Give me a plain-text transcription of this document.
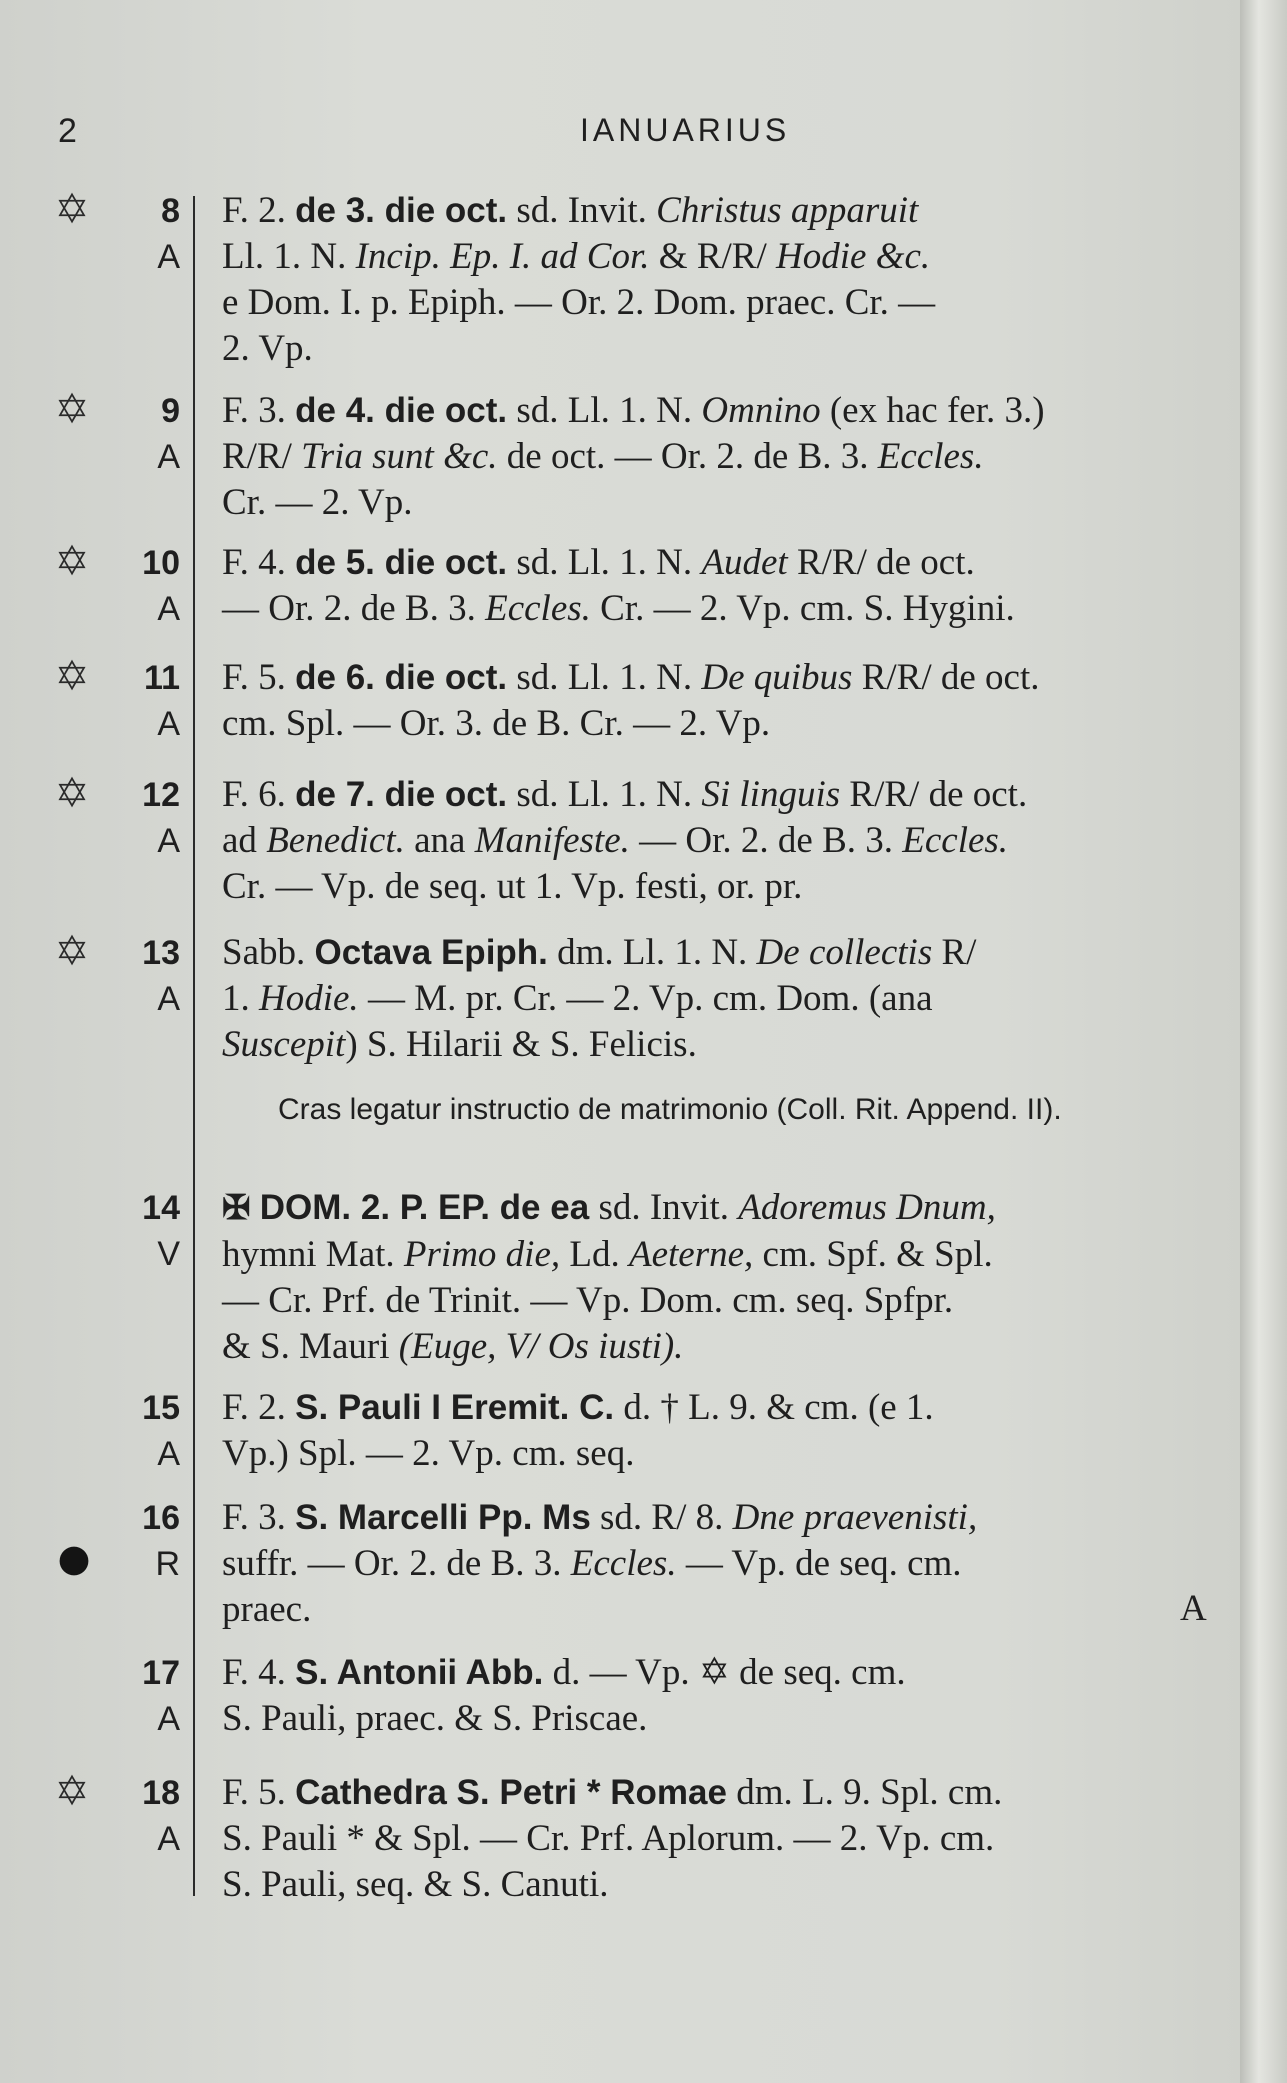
2	IANUARIUS
8
A
F. 2. de 3. die oct. sd. Invit. Christus apparuit
Ll. 1. N. Incip. Ep. I. ad Cor. & R/R/ Hodie &c.
e Dom. I. p. Epiph. — Or. 2. Dom. praec. Cr. —
2. Vp.
9
A
F. 3. de 4. die oct. sd. Ll. 1. N. Omnino (ex hac fer. 3.)
R/R/ Tria sunt &c. de oct. — Or. 2. de B. 3. Eccles.
Cr. — 2. Vp.
10
A
F. 4. de 5. die oct. sd. Ll. 1. N. Audet R/R/ de oct.
— Or. 2. de B. 3. Eccles. Cr. — 2. Vp. cm. S. Hygini.
11
A
F. 5. de 6. die oct. sd. Ll. 1. N. De quibus R/R/ de oct.
cm. Spl. — Or. 3. de B. Cr. — 2. Vp.
12
A
F. 6. de 7. die oct. sd. Ll. 1. N. Si linguis R/R/ de oct.
ad Benedict. ana Manifeste. — Or. 2. de B. 3. Eccles.
Cr. — Vp. de seq. ut 1. Vp. festi, or. pr.
13
A
Sabb. Octava Epiph. dm. Ll. 1. N. De collectis R/
1. Hodie. — M. pr. Cr. — 2. Vp. cm. Dom. (ana
Suscepit) S. Hilarii & S. Felicis.
Cras legatur instructio de matrimonio (Coll. Rit. Append. II).
14
V
✠ DOM. 2. P. EP. de ea sd. Invit. Adoremus Dnum,
hymni Mat. Primo die, Ld. Aeterne, cm. Spf. & Spl.
— Cr. Prf. de Trinit. — Vp. Dom. cm. seq. Spfpr.
& S. Mauri (Euge, V/ Os iusti).
15
A
F. 2. S. Pauli I Eremit. C. d. † L. 9. & cm. (e 1.
Vp.) Spl. — 2. Vp. cm. seq.
16
R
F. 3. S. Marcelli Pp. Ms sd. R/ 8. Dne praevenisti,
suffr. — Or. 2. de B. 3. Eccles. — Vp. de seq. cm.
praec.	A
17
A
F. 4. S. Antonii Abb. d. — Vp. ✡ de seq. cm.
S. Pauli, praec. & S. Priscae.
18
A
F. 5. Cathedra S. Petri * Romae dm. L. 9. Spl. cm.
S. Pauli * & Spl. — Cr. Prf. Aplorum. — 2. Vp. cm.
S. Pauli, seq. & S. Canuti.
